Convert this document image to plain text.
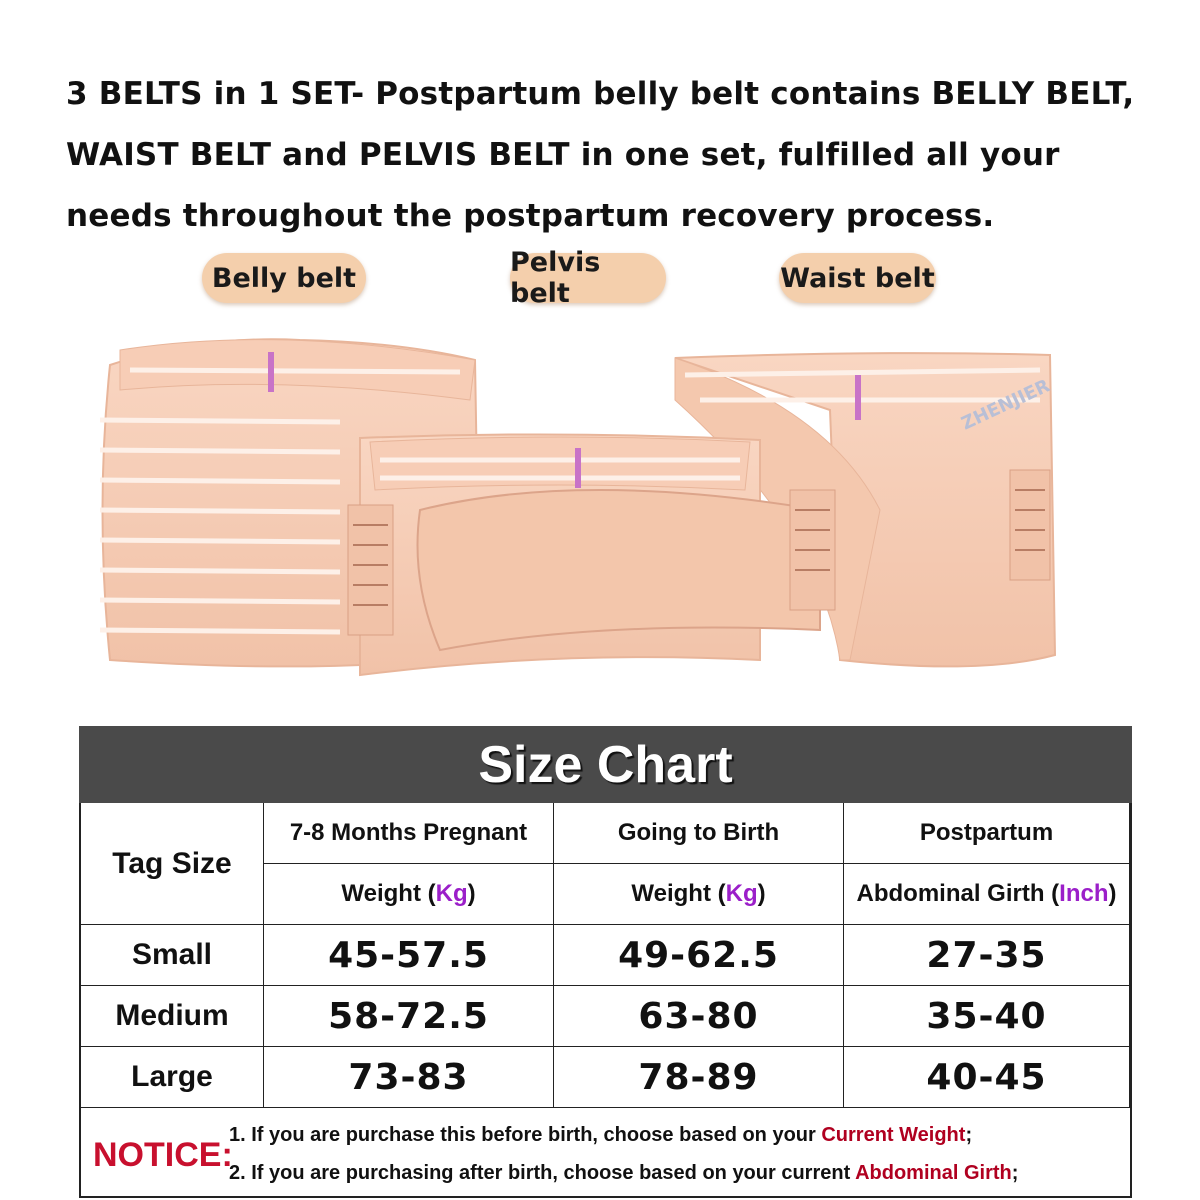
3 BELTS in 1 SET- Postpartum belly belt contains BELLY BELT,
WAIST BELT and PELVIS BELT in one set, fulfilled all your
needs throughout the postpartum recovery process.
Belly belt	Pelvis belt	Waist belt
ZHENJIER
Size Chart
Tag Size
7-8 Months Pregnant	Going to Birth	Postpartum
Weight ( Kg )	Weight ( Kg )	Abdominal Girth ( Inch )
Small	45-57.5	49-62.5	27-35
Medium	58-72.5	63-80	35-40
Large	73-83	78-89	40-45
NOTICE:
1. If you are purchase this before birth, choose based on your Current Weight;
2. If you are purchasing after birth, choose based on your current Abdominal Girth;
